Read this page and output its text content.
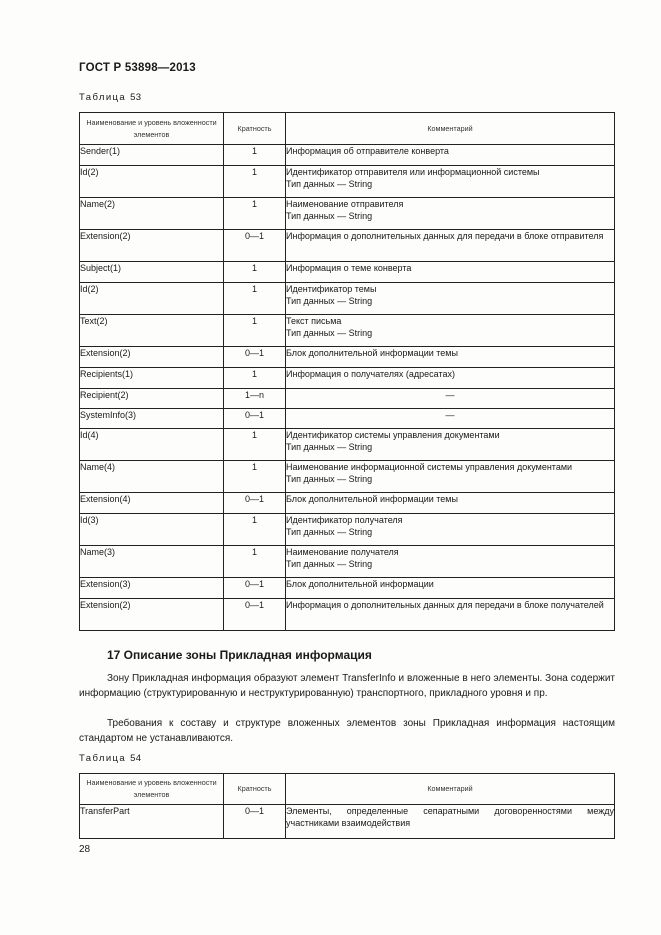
ГОСТ Р 53898—2013
Таблица 53
Наименование и уровень вложенности элементов	Кратность	Комментарий
Sender(1)	1	Информация об отправителе конверта

Id(2)	1	Идентификатор отправителя или информационной системы
Тип данных — String

Name(2)	1	Наименование отправителя
Тип данных — String

Extension(2)	0—1	Информация о дополнительных данных для передачи в блоке отправителя

Subject(1)	1	Информация о теме конверта

Id(2)	1	Идентификатор темы
Тип данных — String

Text(2)	1	Текст письма
Тип данных — String

Extension(2)	0—1	Блок дополнительной информации темы

Recipients(1)	1	Информация о получателях (адресатах)

Recipient(2)	1—n	—

SystemInfo(3)	0—1	—

Id(4)	1	Идентификатор системы управления документами
Тип данных — String

Name(4)	1	Наименование информационной системы управления документами
Тип данных — String

Extension(4)	0—1	Блок дополнительной информации темы

Id(3)	1	Идентификатор получателя
Тип данных — String

Name(3)	1	Наименование получателя
Тип данных — String

Extension(3)	0—1	Блок дополнительной информации

Extension(2)	0—1	Информация о дополнительных данных для передачи в блоке получателей
17 Описание зоны Прикладная информация
Зону Прикладная информация образуют элемент TransferInfo и вложенные в него элементы. Зона содержит информацию (структурированную и неструктурированную) транспортного, прикладного уровня и пр.
Требования к составу и структуре вложенных элементов зоны Прикладная информация настоящим стандартом не устанавливаются.
Таблица 54
Наименование и уровень вложенности элементов	Кратность	Комментарий
TransferPart	0—1	Элементы, определенные сепаратными договоренностями между участниками взаимодействия
28
